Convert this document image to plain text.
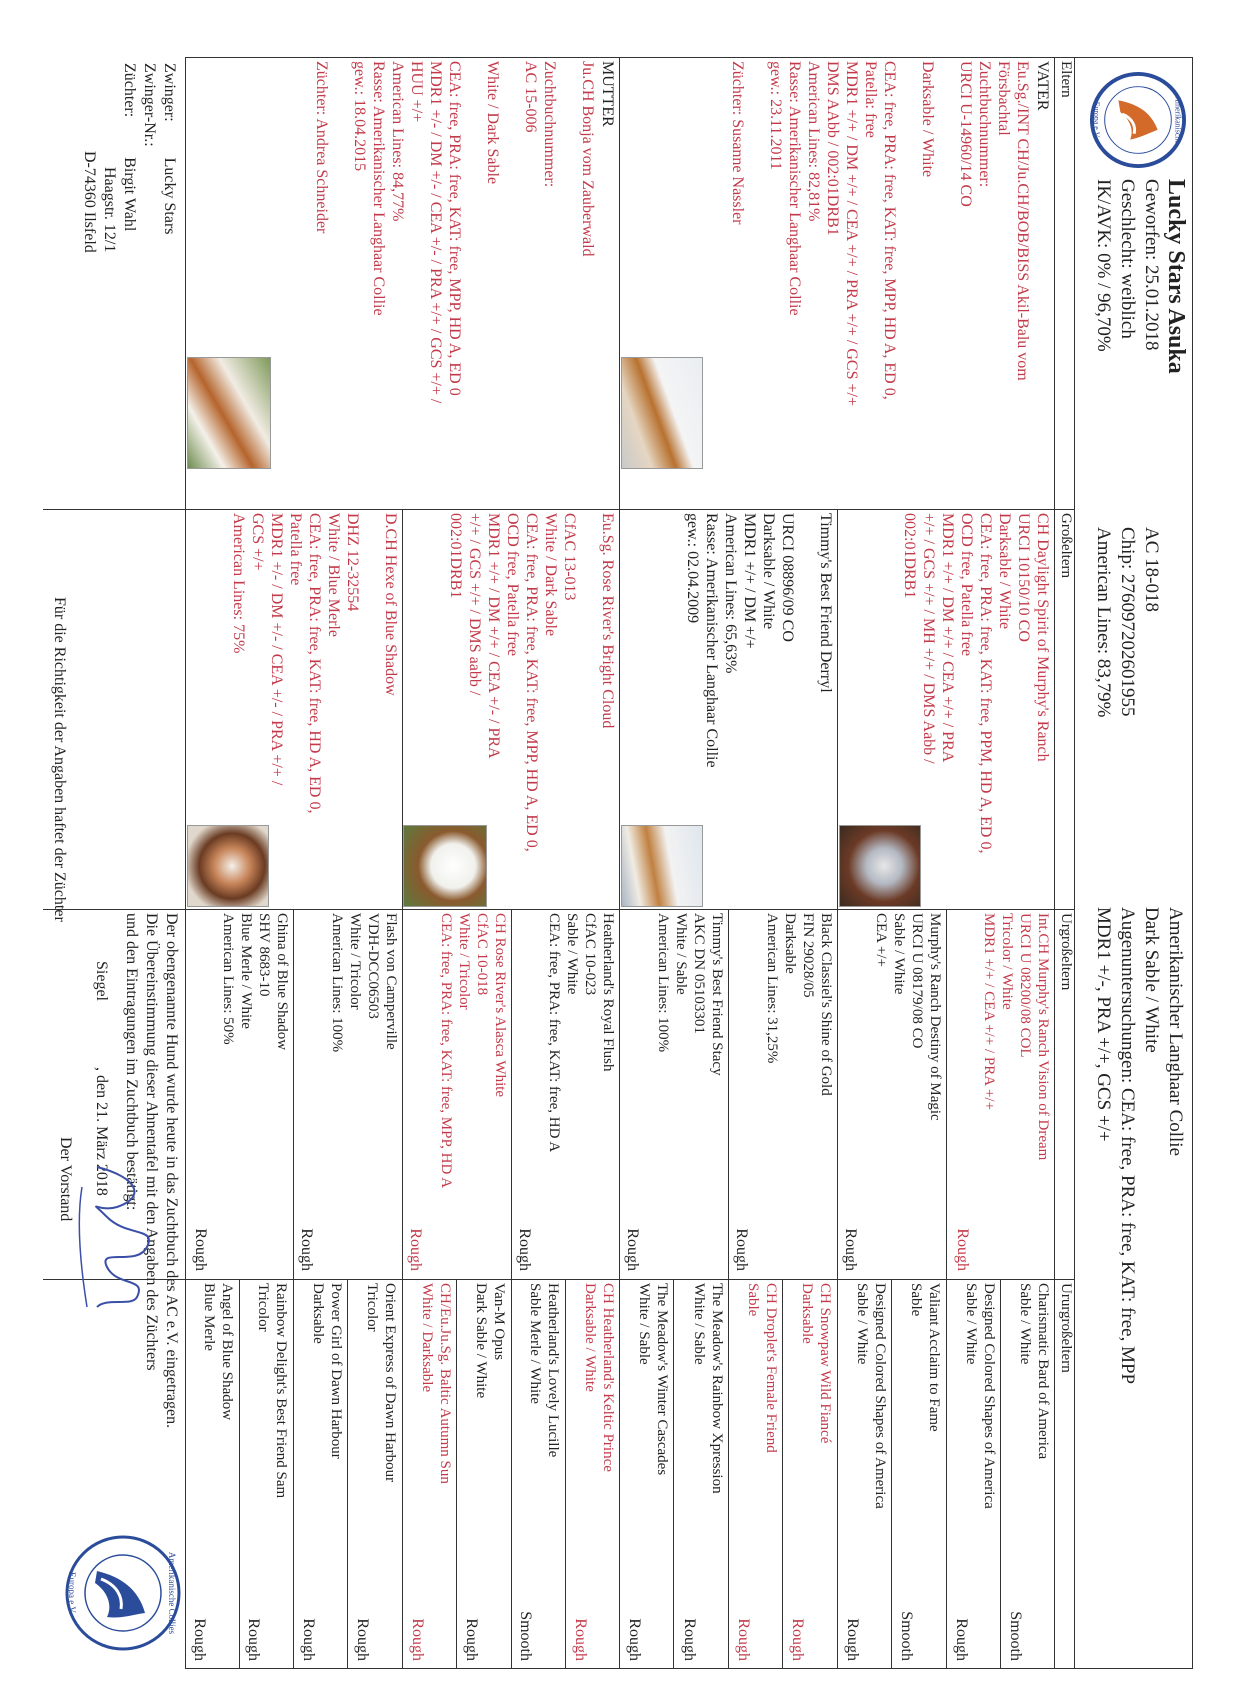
Amerikanische
Europa e.V.
Lucky Stars Asuka
Geworfen: 25.01.2018
Geschlecht: weiblich
IK/AVK: 0% / 96,70%
AC 18-018
Chip: 276097202601955
American Lines: 83,79%
Amerikanischer Langhaar Collie
Dark Sable / White
Augenuntersuchungen: CEA: free, PRA: free, KAT: free, MPP
MDR1 +/-, PRA +/+, GCS +/+
Eltern
Großeltern
Urgroßeltern
Ururgroßeltern
VATER
Eu.Sg./INT CH/Ju.CH/BOB/BISS Akil-Balu vom
Försbachtal
Zuchtbuchnummer:
URCI U-14960/14 CO

Darksable / White

CEA: free, PRA: free, KAT: free, MPP, HD A, ED 0,
Patella: free
MDR1 +/+ / DM +/+ / CEA +/+ / PRA +/+ / GCS +/+
DMS AAbb / 002:01DRB1
American Lines: 82,81%
Rasse: Amerikanischer Langhaar Collie
gew.: 23.11.2011

Züchter: Susanne Nassler
MUTTER
Ju.CH Bonja vom Zauberwald

Zuchtbuchnummer:
AC 15-006

White / Dark Sable

CEA: free, PRA: free, KAT: free, MPP, HD A, ED 0
MDR1 +/- / DM +/- / CEA +/- / PRA +/+ / GCS +/+ /
HUU +/+
American Lines: 84,77%
Rasse: Amerikanischer Langhaar Collie
gew.: 18.04.2015

Züchter: Andrea Schneider
CH Daylight Spirit of Murphy's Ranch
URCI 10150/10 CO
Darksable / White
CEA: free, PRA: free, KAT: free, PPM, HD A, ED 0,
OCD free, Patella free
MDR1 +/+ / DM +/+ / CEA +/+ / PRA
+/+ / GCS +/+ / MH +/+ / DMS Aabb /
002:01DRB1
Timmy's Best Friend Derryl

URCI 08896/09 CO
Darksable / White
MDR1 +/+ / DM +/+
American Lines: 65,63%
Rasse: Amerikanischer Langhaar Collie
gew.: 02.04.2009
Eu.Sg. Rose River's Bright Cloud

CfAC 13-013
White / Dark Sable
CEA: free, PRA: free, KAT: free, MPP, HD A, ED 0,
OCD free, Patella free
MDR1 +/+ / DM +/+ / CEA +/- / PRA
+/+ / GCS +/+ / DMS aabb /
002:01DRB1
D.CH Hexe of Blue Shadow

DHZ 12-32554
White / Blue Merle
CEA: free, PRA: free, KAT: free, HD A, ED 0,
Patella free
MDR1 +/- / DM +/- / CEA +/- / PRA +/+ /
GCS +/+
American Lines: 75%
Int.CH Murphy's Ranch Vision of Dream
URCI U 08200/08 COL
Tricolor / White
MDR1 +/+ / CEA +/+ / PRA +/+
Rough
Murphy's Ranch Destiny of Magic
URCI U 08179/08 CO
Sable / White
CEA +/+
Rough
Black Classiel's Shine of Gold
FIN 29028/05
Darksable
American Lines: 31,25%
Rough
Timmy's Best Friend Stacy
AKC DN 05103301
White / Sable
American Lines: 100%
Rough
Heatherland's Royal Flush
CfAC 10-023
Sable / White
CEA: free, PRA: free, KAT: free, HD A
Rough
CH Rose River's Alasca White
CfAC 10-018
White / Tricolor
CEA: free, PRA: free, KAT: free, MPP, HD A
Rough
Flash von Camperville
VDH-DCC06503
White / Tricolor
American Lines: 100%
Rough
Ghina of Blue Shadow
SHV 8683-10
Blue Merle / White
American Lines: 50%
Rough
Charismatic Bard of America
Sable / White
Smooth
Designed Colored Shapes of America
Sable / White
Rough
Valiant Acclaim to Fame
Sable
Smooth
Designed Colored Shapes of America
Sable / White
Rough
CH Snowpaw Wild Fiancé
Darksable
Rough
CH Droplet's Female Friend
Sable
Rough
The Meadow's Rainbow Xpression
White / Sable
Rough
The Meadow's Winter Cascades
White / Sable
Rough
CH Heatherland's Keltic Prince
Darksable / White
Rough
Heatherland's Lovely Lucille
Sable Merle / White
Smooth
Van-M Opus
Dark Sable / White
Rough
CH/Eu.Ju.Sg. Baltic Autumn Sun
White / Darksable
Rough
Orient Express of Dawn Harbour
Tricolor
Rough
Power Girl of Dawn Harbour
Darksable
Rough
Rainbow Delight's Best Friend Sam
Tricolor
Rough
Angel of Blue Shadow
Blue Merle
Rough
Zwinger:         Lucky Stars
Zwinger-Nr.:
Züchter:          Birgit Wahl
Haagstr. 12/1
D-74360 Ilsfeld
Der obengenannte Hund wurde heute in das Zuchtbuch des AC e.V. eingetragen.
Die Übereinstimmung dieser Ahnentafel mit den Angaben des Züchters
und den Eintragungen im Zuchtbuch bestätigt:
Siegel
, den 21. März 2018
Der Vorstand
Für die Richtigkeit der Angaben haftet der Züchter
Amerikanische Collies
Europa e.V.
